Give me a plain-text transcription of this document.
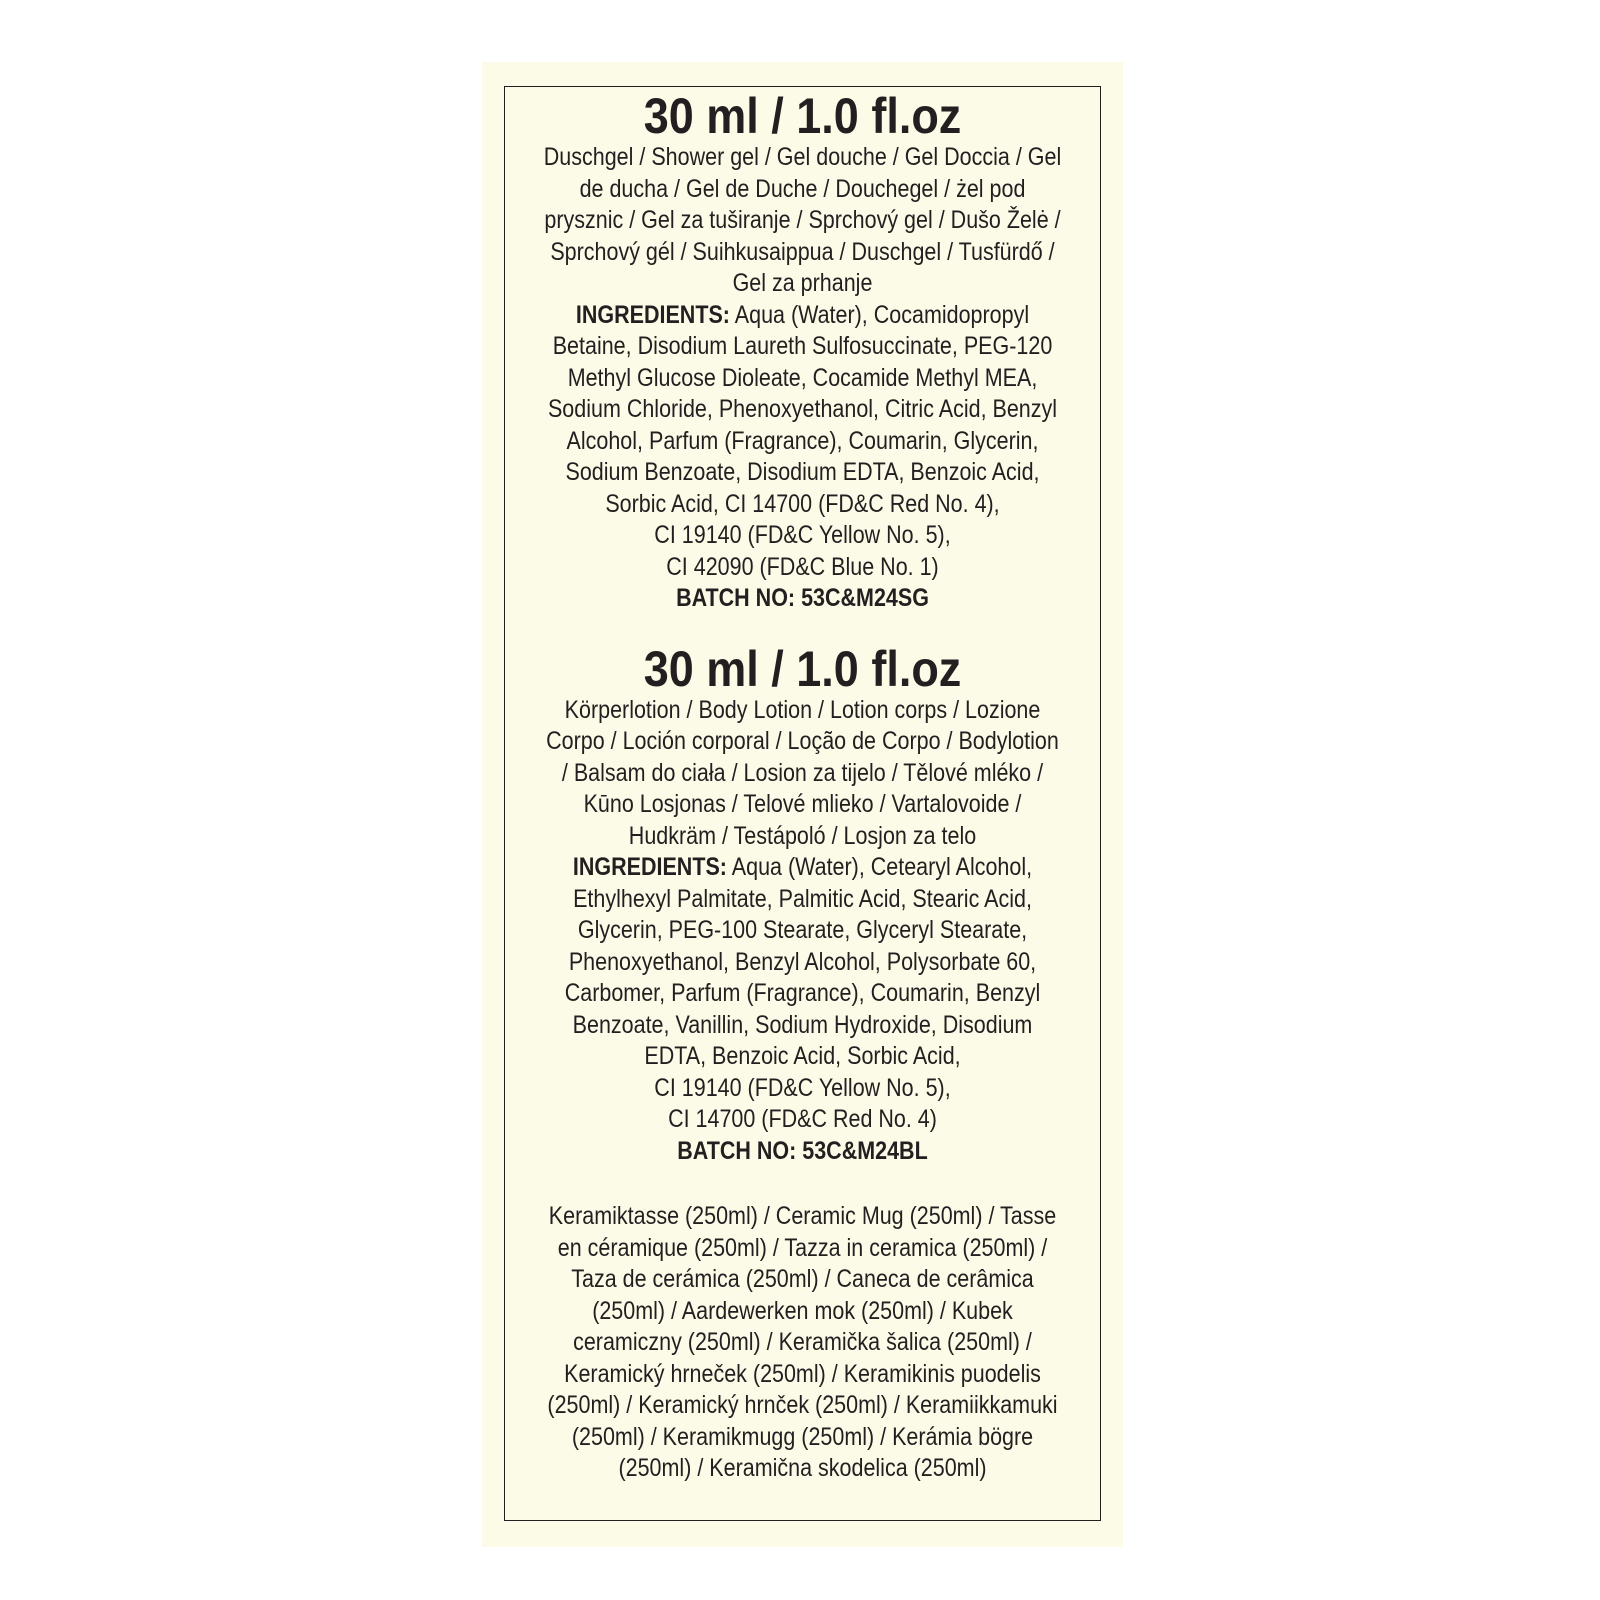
30 ml / 1.0 fl.oz
Duschgel / Shower gel / Gel douche / Gel Doccia / Gel
de ducha / Gel de Duche / Douchegel / żel pod
prysznic / Gel za tuširanje / Sprchový gel / Dušo Želė /
Sprchový gél / Suihkusaippua / Duschgel / Tusfürdő /
Gel za prhanje
INGREDIENTS: Aqua (Water), Cocamidopropyl
Betaine, Disodium Laureth Sulfosuccinate, PEG-120
Methyl Glucose Dioleate, Cocamide Methyl MEA,
Sodium Chloride, Phenoxyethanol, Citric Acid, Benzyl
Alcohol, Parfum (Fragrance), Coumarin, Glycerin,
Sodium Benzoate, Disodium EDTA, Benzoic Acid,
Sorbic Acid, CI 14700 (FD&C Red No. 4),
CI 19140 (FD&C Yellow No. 5),
CI 42090 (FD&C Blue No. 1)
BATCH NO: 53C&M24SG
30 ml / 1.0 fl.oz
Körperlotion / Body Lotion / Lotion corps / Lozione
Corpo / Loción corporal / Loção de Corpo / Bodylotion
/ Balsam do ciała / Losion za tijelo / Tělové mléko /
Kūno Losjonas / Telové mlieko / Vartalovoide /
Hudkräm / Testápoló / Losjon za telo
INGREDIENTS: Aqua (Water), Cetearyl Alcohol,
Ethylhexyl Palmitate, Palmitic Acid, Stearic Acid,
Glycerin, PEG-100 Stearate, Glyceryl Stearate,
Phenoxyethanol, Benzyl Alcohol, Polysorbate 60,
Carbomer, Parfum (Fragrance), Coumarin, Benzyl
Benzoate, Vanillin, Sodium Hydroxide, Disodium
EDTA, Benzoic Acid, Sorbic Acid,
CI 19140 (FD&C Yellow No. 5),
CI 14700 (FD&C Red No. 4)
BATCH NO: 53C&M24BL
Keramiktasse (250ml) / Ceramic Mug (250ml) / Tasse
en céramique (250ml) / Tazza in ceramica (250ml) /
Taza de cerámica (250ml) / Caneca de cerâmica
(250ml) / Aardewerken mok (250ml) / Kubek
ceramiczny (250ml) / Keramička šalica (250ml) /
Keramický hrneček (250ml) / Keramikinis puodelis
(250ml) / Keramický hrnček (250ml) / Keramiikkamuki
(250ml) / Keramikmugg (250ml) / Kerámia bögre
(250ml) / Keramična skodelica (250ml)
